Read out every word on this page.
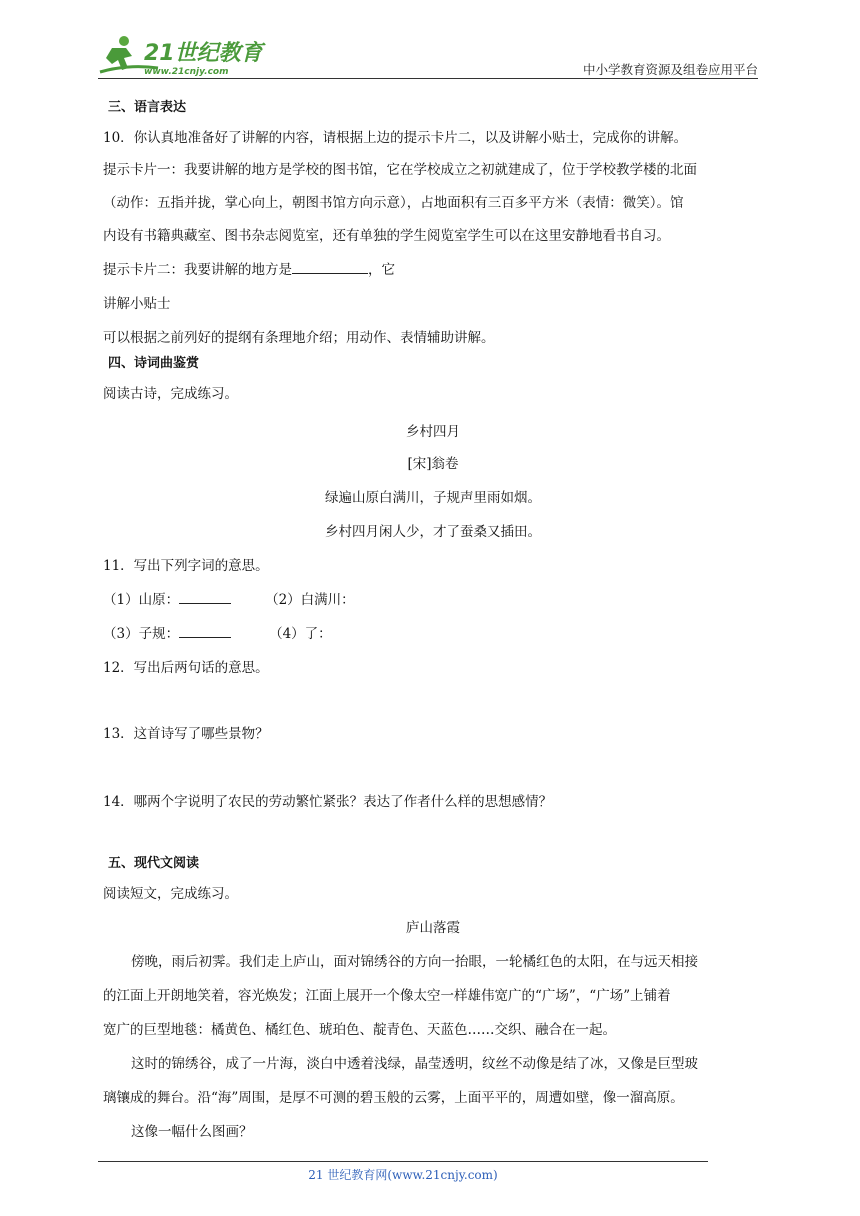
21世纪教育
www.21cnjy.com	中小学教育资源及组卷应用平台
三、语言表达
10．你认真地准备好了讲解的内容，请根据上边的提示卡片二，以及讲解小贴士，完成你的讲解。
提示卡片一：我要讲解的地方是学校的图书馆，它在学校成立之初就建成了，位于学校教学楼的北面
（动作：五指并拢，掌心向上，朝图书馆方向示意），占地面积有三百多平方米（表情：微笑）。馆
内设有书籍典藏室、图书杂志阅览室，还有单独的学生阅览室学生可以在这里安静地看书自习。
提示卡片二：我要讲解的地方是	，它
讲解小贴士
可以根据之前列好的提纲有条理地介绍；用动作、表情辅助讲解。
四、诗词曲鉴赏
阅读古诗，完成练习。
乡村四月
[宋]翁卷
绿遍山原白满川，子规声里雨如烟。
乡村四月闲人少，才了蚕桑又插田。
11．写出下列字词的意思。
（1）山原：	（2）白满川：
（3）子规：	（4）了：
12．写出后两句话的意思。
13．这首诗写了哪些景物？
14．哪两个字说明了农民的劳动繁忙紧张？表达了作者什么样的思想感情？
五、现代文阅读
阅读短文，完成练习。
庐山落霞
傍晚，雨后初霁。我们走上庐山，面对锦绣谷的方向一抬眼，一轮橘红色的太阳，在与远天相接
的江面上开朗地笑着，容光焕发；江面上展开一个像太空一样雄伟宽广的“广场”，“广场”上铺着
宽广的巨型地毯：橘黄色、橘红色、琥珀色、靛青色、天蓝色……交织、融合在一起。
这时的锦绣谷，成了一片海，淡白中透着浅绿，晶莹透明，纹丝不动像是结了冰，又像是巨型玻
璃镶成的舞台。沿“海”周围，是厚不可测的碧玉般的云雾，上面平平的，周遭如壁，像一溜高原。
这像一幅什么图画？
21 世纪教育网(www.21cnjy.com)
